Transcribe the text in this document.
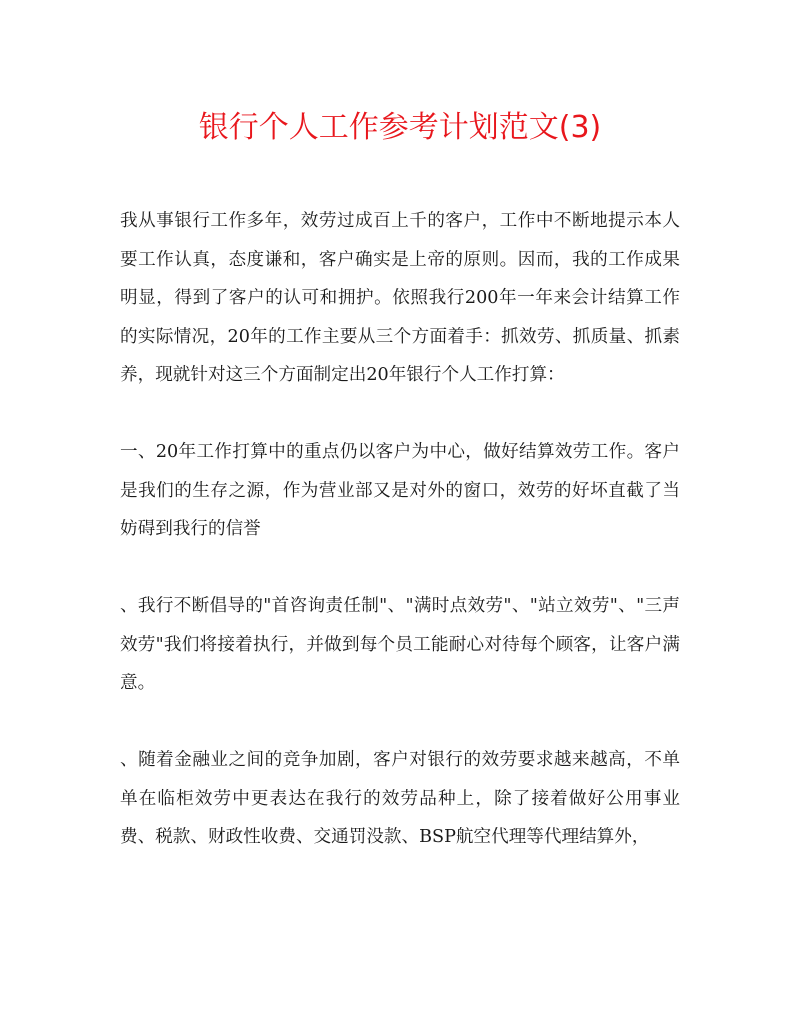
银行个人工作参考计划范文(3)

我从事银行工作多年，效劳过成百上千的客户，工作中不断地提示本人要工作认真，态度谦和，客户确实是上帝的原则。因而，我的工作成果明显，得到了客户的认可和拥护。依照我行200年一年来会计结算工作的实际情况，20年的工作主要从三个方面着手：抓效劳、抓质量、抓素养，现就针对这三个方面制定出20年银行个人工作打算：

一、20年工作打算中的重点仍以客户为中心，做好结算效劳工作。客户是我们的生存之源，作为营业部又是对外的窗口，效劳的好坏直截了当妨碍到我行的信誉

、我行不断倡导的"首咨询责任制"、"满时点效劳"、"站立效劳"、"三声效劳"我们将接着执行，并做到每个员工能耐心对待每个顾客，让客户满意。

、随着金融业之间的竞争加剧，客户对银行的效劳要求越来越高，不单单在临柜效劳中更表达在我行的效劳品种上，除了接着做好公用事业费、税款、财政性收费、交通罚没款、BSP航空代理等代理结算外，
